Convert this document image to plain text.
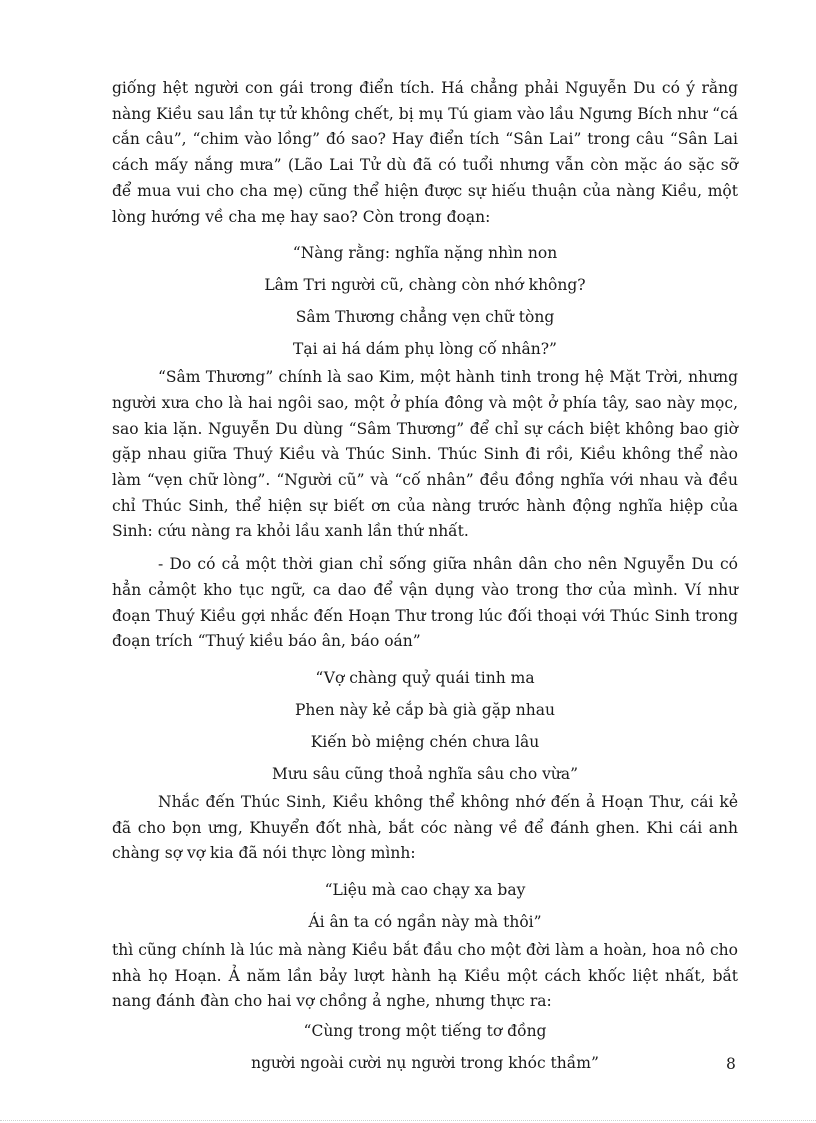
giống hệt người con gái trong điển tích. Há chẳng phải Nguyễn Du có ý rằng nàng Kiều sau lần tự tử không chết, bị mụ Tú giam vào lầu Ngưng Bích như “cá cắn câu”, “chim vào lồng” đó sao? Hay điển tích “Sân Lai” trong câu “Sân Lai cách mấy nắng mưa” (Lão Lai Tử dù đã có tuổi nhưng vẫn còn mặc áo sặc sỡ để mua vui cho cha mẹ) cũng thể hiện được sự hiếu thuận của nàng Kiều, một lòng hướng về cha mẹ hay sao? Còn trong đoạn:

“Nàng rằng: nghĩa nặng nhìn non
Lâm Tri người cũ, chàng còn nhớ không?
Sâm Thương chẳng vẹn chữ tòng
Tại ai há dám phụ lòng cố nhân?”

“Sâm Thương” chính là sao Kim, một hành tinh trong hệ Mặt Trời, nhưng người xưa cho là hai ngôi sao, một ở phía đông và một ở phía tây, sao này mọc, sao kia lặn. Nguyễn Du dùng “Sâm Thương” để chỉ sự cách biệt không bao giờ gặp nhau giữa Thuý Kiều và Thúc Sinh. Thúc Sinh đi rồi, Kiều không thể nào làm “vẹn chữ lòng”. “Người cũ” và “cố nhân” đều đồng nghĩa với nhau và đều chỉ Thúc Sinh, thể hiện sự biết ơn của nàng trước hành động nghĩa hiệp của Sinh: cứu nàng ra khỏi lầu xanh lần thứ nhất.

- Do có cả một thời gian chỉ sống giữa nhân dân cho nên Nguyễn Du có hẳn cảmột kho tục ngữ, ca dao để vận dụng vào trong thơ của mình. Ví như đoạn Thuý Kiều gợi nhắc đến Hoạn Thư trong lúc đối thoại với Thúc Sinh trong đoạn trích “Thuý kiều báo ân, báo oán”

“Vợ chàng quỷ quái tinh ma
Phen này kẻ cắp bà già gặp nhau
Kiến bò miệng chén chưa lâu
Mưu sâu cũng thoả nghĩa sâu cho vừa”

Nhắc đến Thúc Sinh, Kiều không thể không nhớ đến ả Hoạn Thư, cái kẻ đã cho bọn ưng, Khuyển đốt nhà, bắt cóc nàng về để đánh ghen. Khi cái anh chàng sợ vợ kia đã nói thực lòng mình:

“Liệu mà cao chạy xa bay
Ái ân ta có ngần này mà thôi”

thì cũng chính là lúc mà nàng Kiều bắt đầu cho một đời làm a hoàn, hoa nô cho nhà họ Hoạn. Ả năm lần bảy lượt hành hạ Kiều một cách khốc liệt nhất, bắt nang đánh đàn cho hai vợ chồng ả nghe, nhưng thực ra:

“Cùng trong một tiếng tơ đồng
người ngoài cười nụ người trong khóc thầm”	8
